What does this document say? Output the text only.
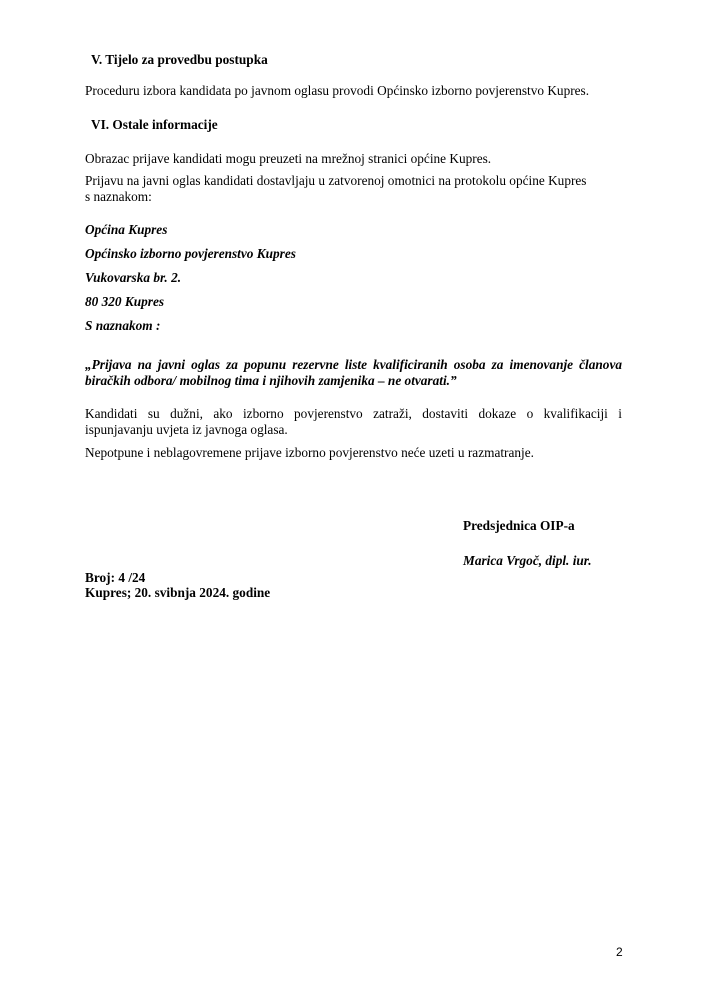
V. Tijelo za provedbu postupka
Proceduru izbora kandidata po javnom oglasu provodi Općinsko izborno povjerenstvo Kupres.
VI. Ostale informacije
Obrazac prijave kandidati mogu preuzeti na mrežnoj stranici općine Kupres.
Prijavu na javni oglas kandidati dostavljaju u zatvorenoj omotnici na protokolu općine Kupres
s naznakom:
Općina Kupres
Općinsko izborno povjerenstvo Kupres
Vukovarska br. 2.
80 320 Kupres
S naznakom :
„Prijava na javni oglas za popunu rezervne liste kvalificiranih osoba za imenovanje članova
biračkih odbora/ mobilnog tima i njihovih zamjenika – ne otvarati.”
Kandidati su dužni, ako izborno povjerenstvo zatraži, dostaviti dokaze o kvalifikaciji i
ispunjavanju uvjeta iz javnoga oglasa.
Nepotpune i neblagovremene prijave izborno povjerenstvo neće uzeti u razmatranje.
Predsjednica OIP-a
Marica Vrgoč, dipl. iur.
Broj: 4 /24
Kupres; 20. svibnja 2024. godine
2
